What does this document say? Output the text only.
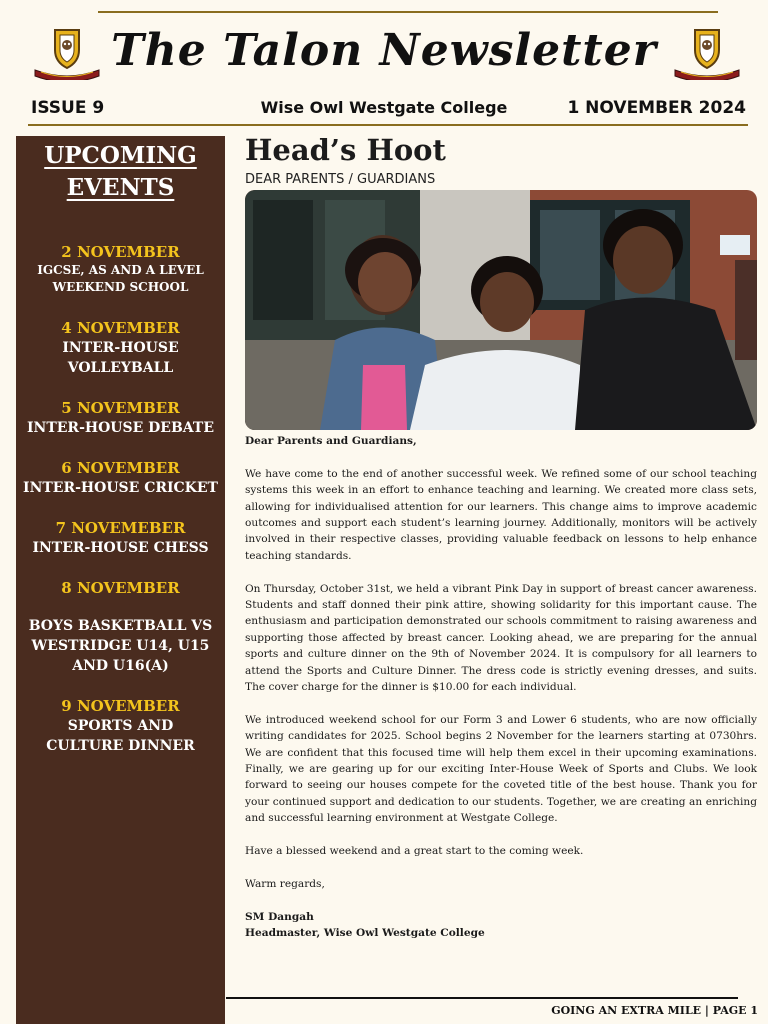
The Talon Newsletter
Wise Owl Westgate College
ISSUE 9	1 NOVEMBER 2024
UPCOMING
EVENTS
2 NOVEMBER
IGCSE, AS AND A LEVEL WEEKEND SCHOOL
4 NOVEMBER
INTER-HOUSE VOLLEYBALL
5 NOVEMBER
INTER-HOUSE DEBATE
6 NOVEMBER
INTER-HOUSE CRICKET
7 NOVEMEBER
INTER-HOUSE CHESS
8 NOVEMBER
BOYS BASKETBALL VS WESTRIDGE U14, U15 AND U16(A)
9 NOVEMBER
SPORTS AND CULTURE DINNER
Head’s Hoot
DEAR PARENTS / GUARDIANS

Dear Parents and Guardians,

We have come to the end of another successful week. We refined some of our school teaching systems this week in an effort to enhance teaching and learning. We created more class sets, allowing for individualised attention for our learners. This change aims to improve academic outcomes and support each student’s learning journey. Additionally, monitors will be actively involved in their respective classes, providing valuable feedback on lessons to help enhance teaching standards.

On Thursday, October 31st, we held a vibrant Pink Day in support of breast cancer awareness. Students and staff donned their pink attire, showing solidarity for this important cause. The enthusiasm and participation demonstrated our schools commitment to raising awareness and supporting those affected by breast cancer. Looking ahead, we are preparing for the annual sports and culture dinner on the 9th of November 2024. It is compulsory for all learners to attend the Sports and Culture Dinner. The dress code is strictly evening dresses, and suits. The cover charge for the dinner is $10.00 for each individual.

We introduced weekend school for our Form 3 and Lower 6 students, who are now officially writing candidates for 2025. School begins 2 November for the learners starting at 0730hrs. We are confident that this focused time will help them excel in their upcoming examinations. Finally, we are gearing up for our exciting Inter-House Week of Sports and Clubs. We look forward to seeing our houses compete for the coveted title of the best house. Thank you for your continued support and dedication to our students. Together, we are creating an enriching and successful learning environment at Westgate College.

Have a blessed weekend and a great start to the coming week.

Warm regards,

SM Dangah

Headmaster, Wise Owl Westgate College

GOING AN EXTRA MILE | PAGE 1
